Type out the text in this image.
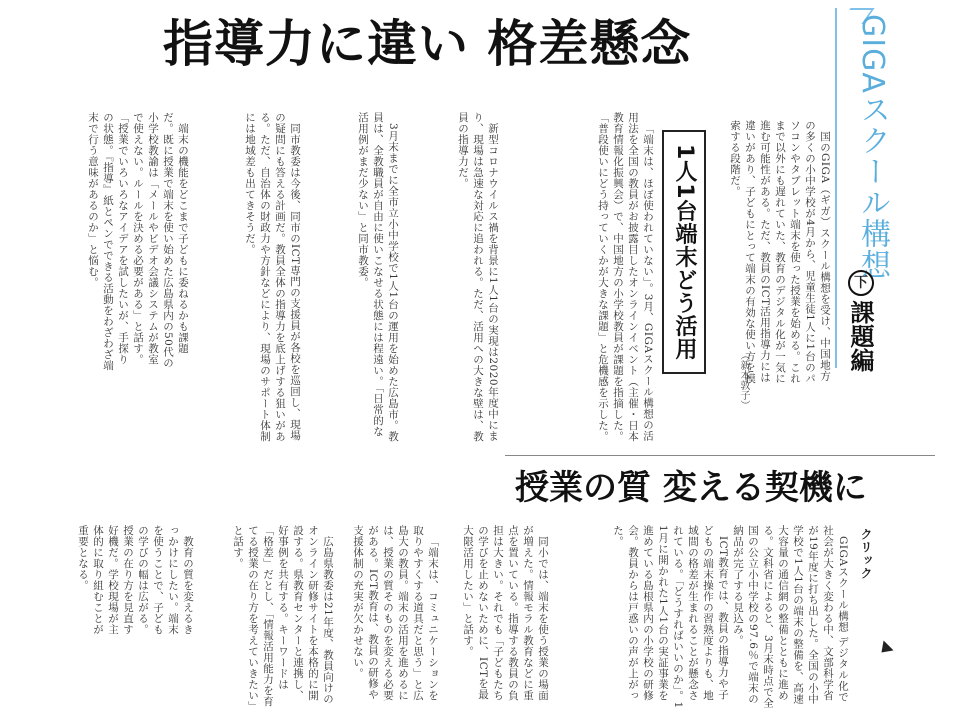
指導力に違い 格差懸念	GIGAスクール構想
下
課題編

国のGIGA（ギガ）スクール構想を受け、中国地方の多くの小中学校が4月から、児童生徒1人に1台のパソコンやタブレット端末を使った授業を始める。これまで以外にも遅れていた、教育のデジタル化が一気に進む可能性がある。ただ、教員のICT活用指導力には違いがあり、子どもにとって端末の有効な使い方を模索する段階だ。

（新本敦子）
1人1台端末どう活用

「端末は、ほぼ使われていない」。3月、GIGAスクール構想の活用法を全国の教員がお披露目したオンラインイベント（主催・日本教育情報化振興会）で、中国地方の小学校教員が課題を指摘した。「普段使いにどう持っていくかが大きな課題」と危機感を示した。

新型コロナウイルス禍を背景に1人1台の実現は2020年度中にまり、現場は急速な対応に追われる。ただ、活用への大きな壁は、教員の指導力だ。

3月末までに全市立小中学校で1人1台の運用を始めた広島市。教員は、全教職員が自由に使いこなせる状態には程遠い。「日常的な活用例がまだ少ない」と同市教委。

同市教委は今後、同市のICT専門の支援員が各校を巡回し、現場の疑問にも答える計画だ。教員全体の指導力を底上げする狙いがある。ただ、自治体の財政力や方針などにより、現場のサポート体制には地域差も出てきそうだ。

端末の機能をどこまで子どもに委ねるかも課題だ。既に授業で端末を使い始めた広島県内の50代の小学校教諭は「メールやビデオ会議システムが教室で使えない。ルールを決める必要がある」と話す。「授業でいろいろなアイデアを試したいが、手探りの状態。『指導』紙とペンでできる活動をわざわざ端末で行う意味があるのか」と悩む。

授業の質 変える契機に
クリック

GIGAスクール構想 デジタル化で社会が大きく変わる中、文部科学省が19年度に打ち出した。全国の小中学校で1人1台の端末の整備を、高速大容量の通信網の整備とともに進める。文科省によると、3月末時点で全国の公立小中学校の97.6％で端末の納品が完了する見込み。

ICT教育では、教員の指導力や子どもの端末操作の習熟度よりも、地域間の格差が生まれることが懸念されている。「どうすればいいのか」。11月に開かれた1人1台の実証事業を進めている島根県内の小学校の研修会。教員からは戸惑いの声が上がった。

同小では、端末を使う授業の場面が増えた。情報モラル教育などに重点を置いている。指導する教員の負担は大きい。それでも「子どもたちの学びを止めないために、ICTを最大限活用したい」と話す。

「端末は、コミュニケーションを取りやすくする道具だと思う」と広島大の教員。端末の活用を進めるには、授業の質そのものを変える必要がある。ICT教育は、教員の研修や支援体制の充実が欠かせない。

広島県教委は21年度、教員向けのオンライン研修サイトを本格的に開設する。県教育センターと連携し、好事例を共有する。キーワードは「格差」だとし、「情報活用能力を育てる授業の在り方を考えていきたい」と話す。

教育の質を変えるきっかけにしたい。端末を使うことで、子どもの学びの幅は広がる。授業の在り方を見直す好機だ。学校現場が主体的に取り組むことが重要となる。
